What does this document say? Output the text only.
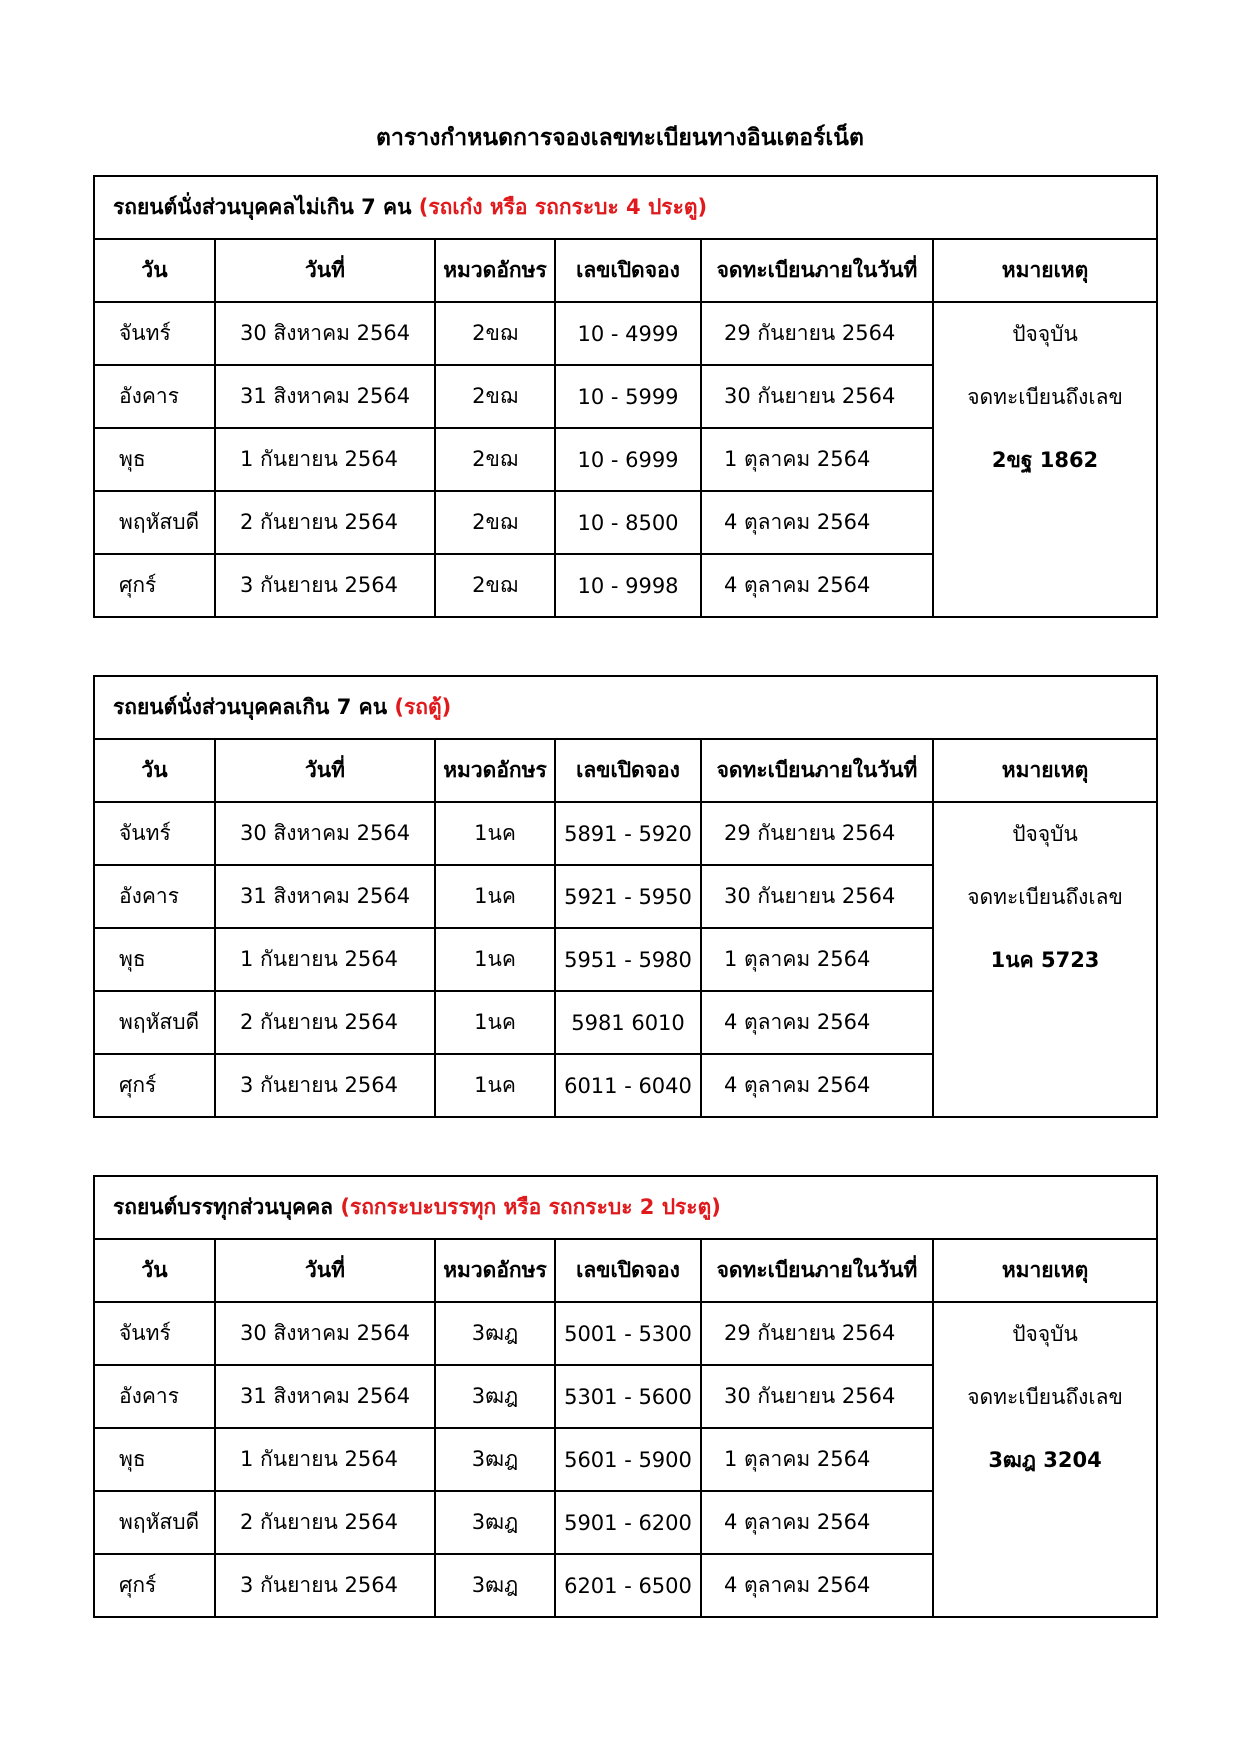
ตารางกำหนดการจองเลขทะเบียนทางอินเตอร์เน็ต
รถยนต์นั่งส่วนบุคคลไม่เกิน 7 คน (รถเก๋ง หรือ รถกระบะ 4 ประตู)					
วัน	วันที่	หมวดอักษร	เลขเปิดจอง	จดทะเบียนภายในวันที่	หมายเหตุ
จันทร์	30 สิงหาคม 2564	2ขฌ	10 - 4999	29 กันยายน 2564	ปัจจุบัน
จดทะเบียนถึงเลข
2ขฐ 1862

อังคาร	31 สิงหาคม 2564	2ขฌ	10 - 5999	30 กันยายน 2564	
พุธ	1 กันยายน 2564	2ขฌ	10 - 6999	1 ตุลาคม 2564	
พฤหัสบดี	2 กันยายน 2564	2ขฌ	10 - 8500	4 ตุลาคม 2564	
ศุกร์	3 กันยายน 2564	2ขฌ	10 - 9998	4 ตุลาคม 2564	
รถยนต์นั่งส่วนบุคคลเกิน 7 คน (รถตู้)					
วัน	วันที่	หมวดอักษร	เลขเปิดจอง	จดทะเบียนภายในวันที่	หมายเหตุ
จันทร์	30 สิงหาคม 2564	1นค	5891 - 5920	29 กันยายน 2564	ปัจจุบัน
จดทะเบียนถึงเลข
1นค 5723

อังคาร	31 สิงหาคม 2564	1นค	5921 - 5950	30 กันยายน 2564	
พุธ	1 กันยายน 2564	1นค	5951 - 5980	1 ตุลาคม 2564	
พฤหัสบดี	2 กันยายน 2564	1นค	5981 6010	4 ตุลาคม 2564	
ศุกร์	3 กันยายน 2564	1นค	6011 - 6040	4 ตุลาคม 2564	
รถยนต์บรรทุกส่วนบุคคล (รถกระบะบรรทุก หรือ รถกระบะ 2 ประตู)					
วัน	วันที่	หมวดอักษร	เลขเปิดจอง	จดทะเบียนภายในวันที่	หมายเหตุ
จันทร์	30 สิงหาคม 2564	3ฒฎ	5001 - 5300	29 กันยายน 2564	ปัจจุบัน
จดทะเบียนถึงเลข
3ฒฎ 3204

อังคาร	31 สิงหาคม 2564	3ฒฎ	5301 - 5600	30 กันยายน 2564	
พุธ	1 กันยายน 2564	3ฒฎ	5601 - 5900	1 ตุลาคม 2564	
พฤหัสบดี	2 กันยายน 2564	3ฒฎ	5901 - 6200	4 ตุลาคม 2564	
ศุกร์	3 กันยายน 2564	3ฒฎ	6201 - 6500	4 ตุลาคม 2564	
